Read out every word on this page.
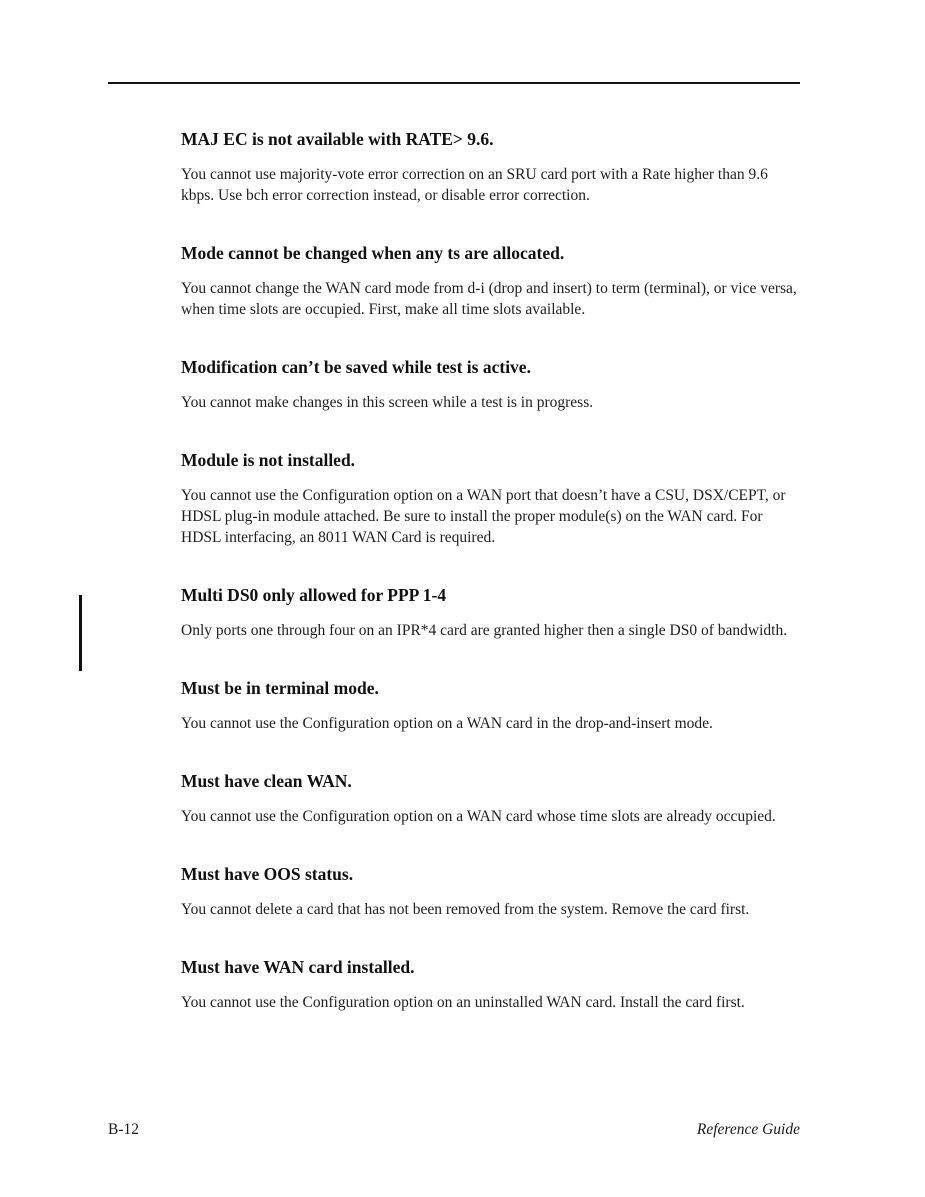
MAJ EC is not available with RATE> 9.6.

You cannot use majority-vote error correction on an SRU card port with a Rate higher than 9.6 kbps. Use bch error correction instead, or disable error correction.

Mode cannot be changed when any ts are allocated.

You cannot change the WAN card mode from d-i (drop and insert) to term (terminal), or vice versa, when time slots are occupied. First, make all time slots available.

Modification can’t be saved while test is active.

You cannot make changes in this screen while a test is in progress.

Module is not installed.

You cannot use the Configuration option on a WAN port that doesn’t have a CSU, DSX/CEPT, or HDSL plug-in module attached. Be sure to install the proper module(s) on the WAN card. For HDSL interfacing, an 8011 WAN Card is required.

Multi DS0 only allowed for PPP 1-4

Only ports one through four on an IPR*4 card are granted higher then a single DS0 of bandwidth.

Must be in terminal mode.

You cannot use the Configuration option on a WAN card in the drop-and-insert mode.

Must have clean WAN.

You cannot use the Configuration option on a WAN card whose time slots are already occupied.

Must have OOS status.

You cannot delete a card that has not been removed from the system. Remove the card first.

Must have WAN card installed.

You cannot use the Configuration option on an uninstalled WAN card. Install the card first.

B-12	Reference Guide
